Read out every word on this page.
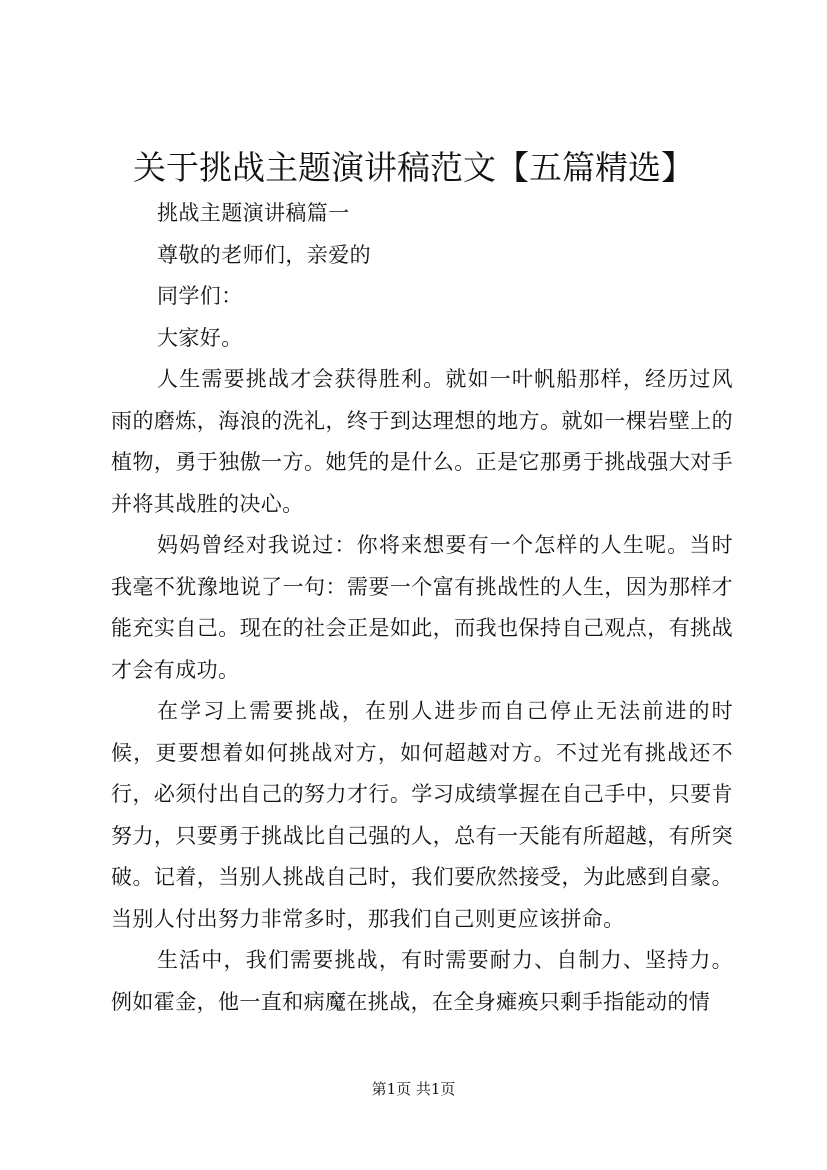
关于挑战主题演讲稿范文【五篇精选】

挑战主题演讲稿篇一

尊敬的老师们，亲爱的

同学们：

大家好。

人生需要挑战才会获得胜利。就如一叶帆船那样，经历过风雨的磨炼，海浪的洗礼，终于到达理想的地方。就如一棵岩壁上的植物，勇于独傲一方。她凭的是什么。正是它那勇于挑战强大对手并将其战胜的决心。

妈妈曾经对我说过：你将来想要有一个怎样的人生呢。当时我毫不犹豫地说了一句：需要一个富有挑战性的人生，因为那样才能充实自己。现在的社会正是如此，而我也保持自己观点，有挑战才会有成功。

在学习上需要挑战，在别人进步而自己停止无法前进的时候，更要想着如何挑战对方，如何超越对方。不过光有挑战还不行，必须付出自己的努力才行。学习成绩掌握在自己手中，只要肯努力，只要勇于挑战比自己强的人，总有一天能有所超越，有所突破。记着，当别人挑战自己时，我们要欣然接受，为此感到自豪。当别人付出努力非常多时，那我们自己则更应该拼命。

生活中，我们需要挑战，有时需要耐力、自制力、坚持力。例如霍金，他一直和病魔在挑战，在全身瘫痪只剩手指能动的情

第1页 共1页
